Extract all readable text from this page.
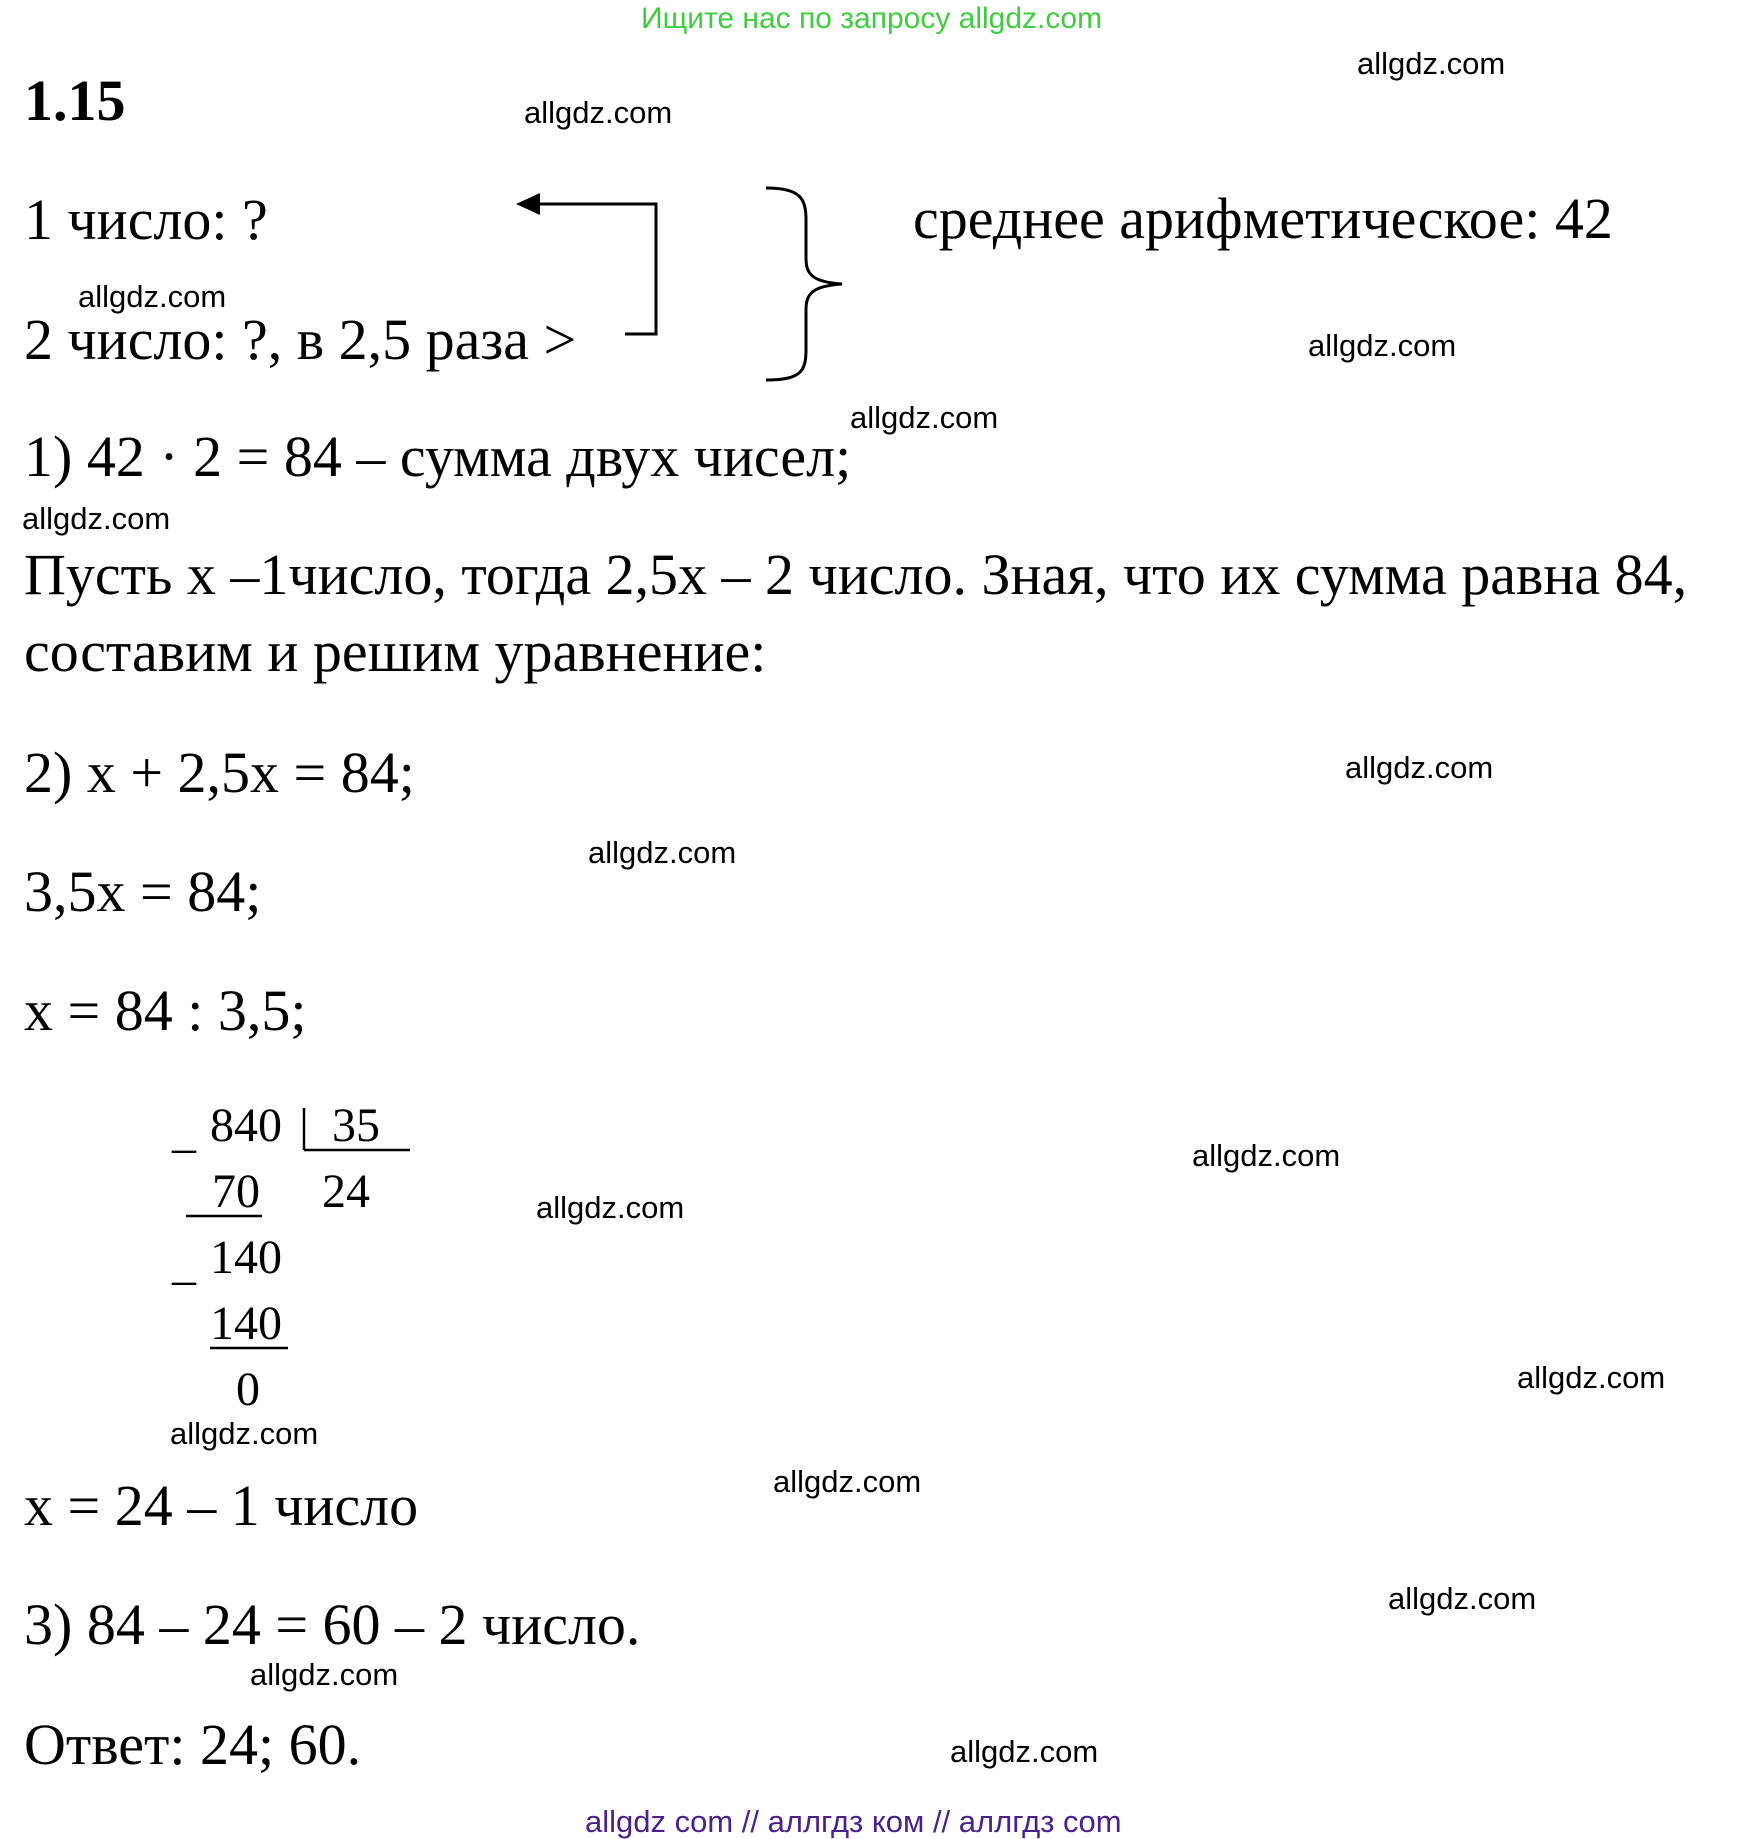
Ищите нас по запросу allgdz.com
1.15
1 число: ?
2 число: ?, в 2,5 раза >
среднее арифметическое: 42
1) 42 · 2 = 84 – сумма двух чисел;
Пусть х –1число, тогда 2,5х – 2 число. Зная, что их сумма равна 84,
составим и решим уравнение:
2) х + 2,5х = 84;
3,5х = 84;
х = 84 : 3,5;
_ 840 35
70 24
_ 140
140
0
х = 24 – 1 число
3) 84 – 24 = 60 – 2 число.
Ответ: 24; 60.
allgdz.com
allgdz.com
allgdz.com
allgdz.com
allgdz.com
allgdz.com
allgdz.com
allgdz.com
allgdz.com
allgdz.com
allgdz.com
allgdz.com
allgdz.com
allgdz.com
allgdz.com
allgdz.com
allgdz com // аллгдз ком // аллгдз com
